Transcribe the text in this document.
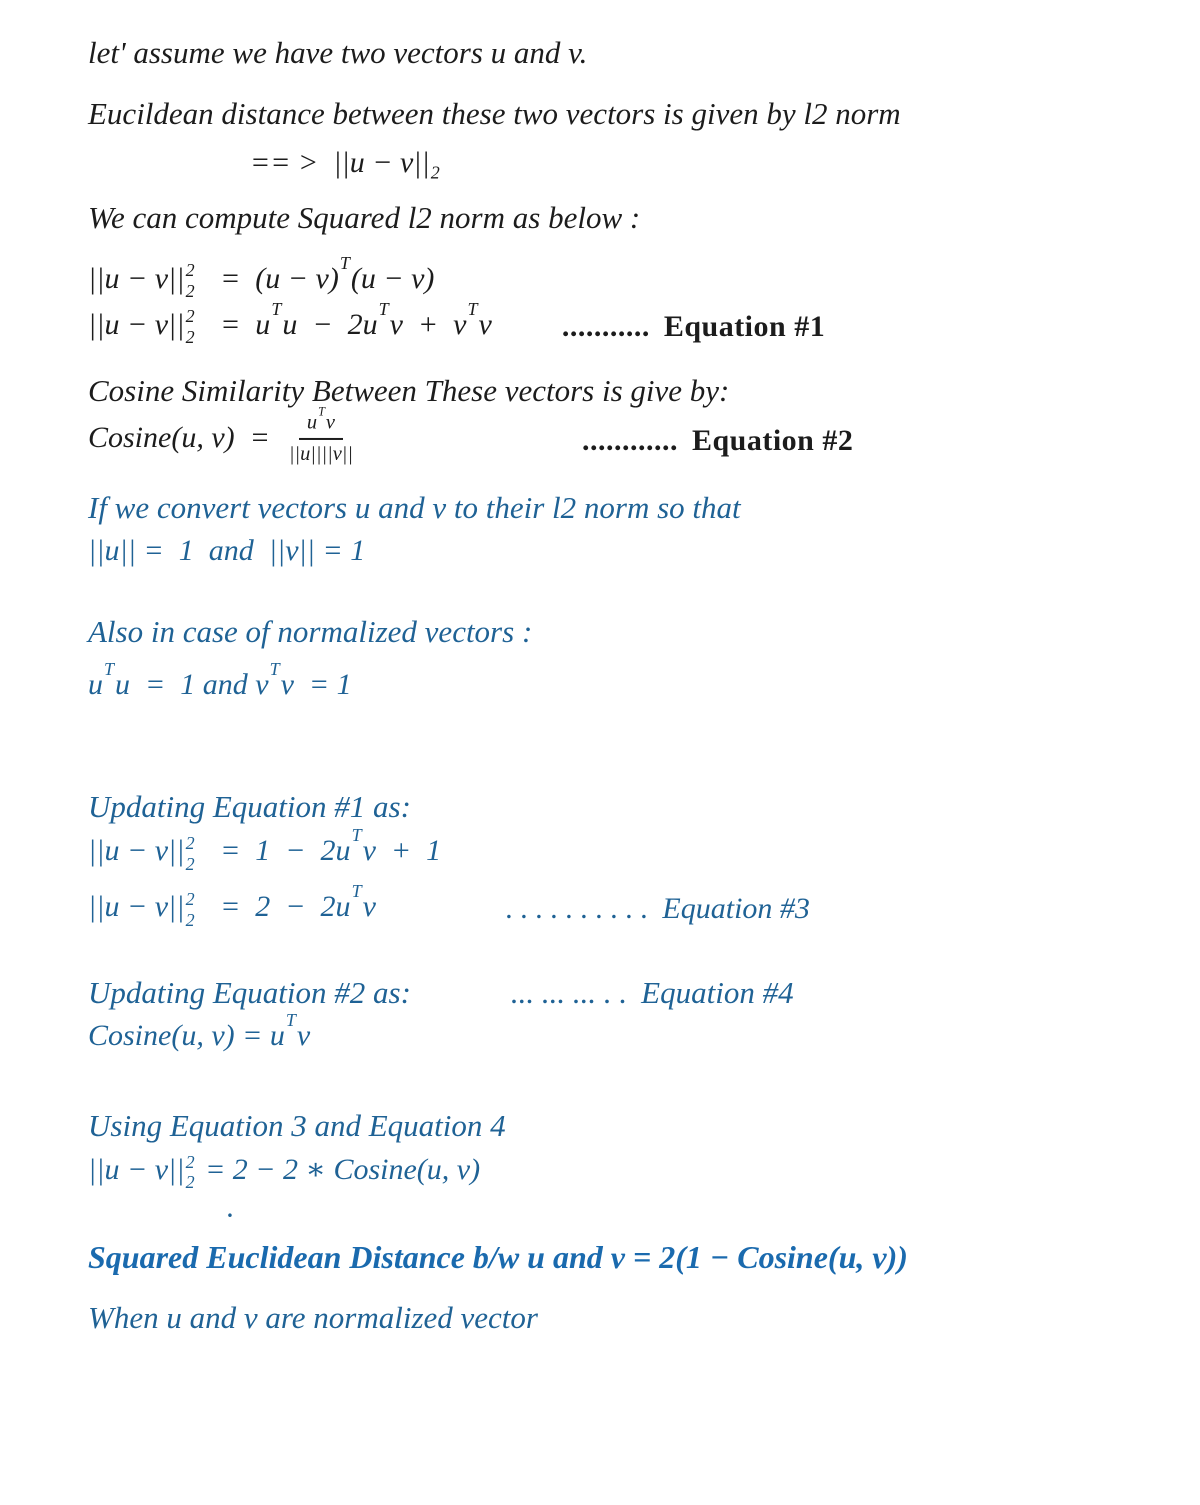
let' assume we have two vectors u and v.
Eucildean distance between these two vectors is given by l2 norm
== >  ||u − v||2
We can compute Squared l2 norm as below :
||u − v|| 2
2 =  (u − v)T(u − v)
||u − v|| 2
2 =  uTu  −  2uTv  +  vTv ........... Equation #1
Cosine Similarity Between These vectors is give by:
Cosine(u, $v) = \frac{\text{uTv}}{||u||||v||}$	............ Equation #2
If we convert vectors u and v to their l2 norm so that
||u|| =  1  and  ||v|| = 1
Also in case of normalized vectors :
uTu  =  1 and vTv  = 1
Updating Equation #1 as:
||u − v|| 2
2 =  1  −  2uTv  +  1
||u − v|| 2
2 =  2  −  2uTv	. . . . . . . . . . Equation #3
Updating Equation #2 as:	... ... ... . . Equation #4
Cosine(u, v) = uTv
Using Equation 3 and Equation 4
||u − v|| 2
2 = 2 − 2 ∗ Cosine(u, v)
.
Squared Euclidean Distance b/w u and v = 2(1 − Cosine(u, v))
When u and v are normalized vector
